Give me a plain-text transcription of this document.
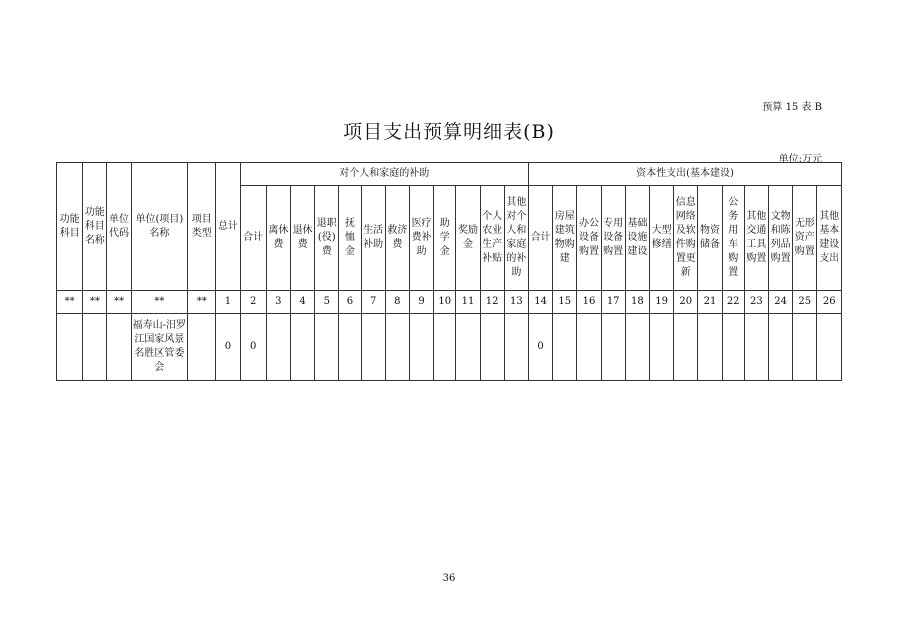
预算 15 表 B
项目支出预算明细表(B)
单位:万元
功能科目	功能科目名称	单位代码	单位(项目)名称	项目类型	总计	对个人和家庭的补助												资本性支出(基本建设)												
						合计	离休费	退休费	退职(役)费	抚恤金	生活补助	救济费	医疗费补助	助学金	奖励金	个人农业生产补贴	其他对个人和家庭的补助	合计	房屋建筑物购建	办公设备购置	专用设备购置	基础设施建设	大型修缮	信息网络及软件购置更新	物资储备	公务用车购置	其他交通工具购置	文物和陈列品购置	无形资产购置	其他基本建设支出
**	**	**	**	**	1	2	3	4	5	6	7	8	9	10	11	12	13	14	15	16	17	18	19	20	21	22	23	24	25	26
			福寿山-汨罗江国家风景名胜区管委会		0	0												0												
36
